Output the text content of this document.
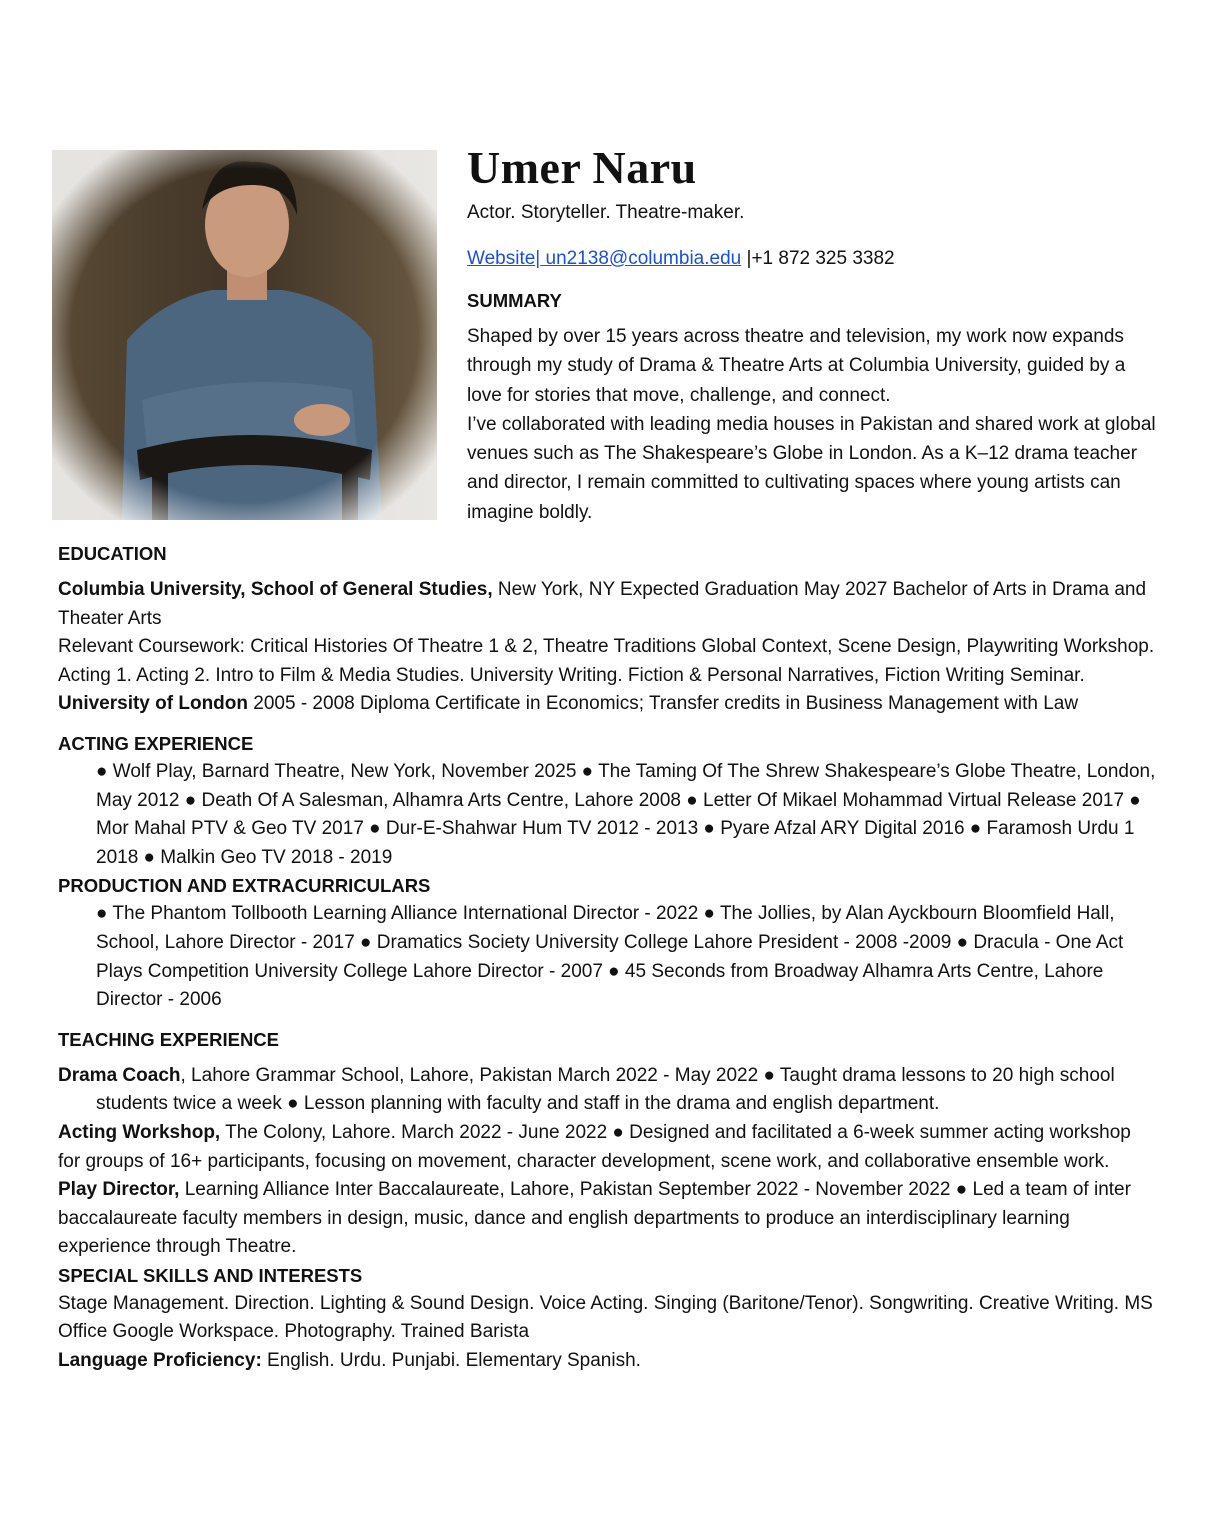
Umer Naru
Actor. Storyteller. Theatre-maker.
Website| un2138@columbia.edu |+1 872 325 3382
SUMMARY

Shaped by over 15 years across theatre and television, my work now expands through my study of Drama & Theatre Arts at Columbia University, guided by a love for stories that move, challenge, and connect.

I’ve collaborated with leading media houses in Pakistan and shared work at global venues such as The Shakespeare’s Globe in London. As a K–12 drama teacher and director, I remain committed to cultivating spaces where young artists can imagine boldly.

EDUCATION

Columbia University, School of General Studies, New York, NY Expected Graduation May 2027 Bachelor of Arts in Drama and Theater Arts

Relevant Coursework: Critical Histories Of Theatre 1 & 2, Theatre Traditions Global Context, Scene Design, Playwriting Workshop. Acting 1. Acting 2. Intro to Film & Media Studies. University Writing. Fiction & Personal Narratives, Fiction Writing Seminar.

University of London 2005 - 2008 Diploma Certificate in Economics; Transfer credits in Business Management with Law

ACTING EXPERIENCE

● Wolf Play, Barnard Theatre, New York, November 2025 ● The Taming Of The Shrew Shakespeare’s Globe Theatre, London, May 2012 ● Death Of A Salesman, Alhamra Arts Centre, Lahore 2008 ● Letter Of Mikael Mohammad Virtual Release 2017 ● Mor Mahal PTV & Geo TV 2017 ● Dur-E-Shahwar Hum TV 2012 - 2013 ● Pyare Afzal ARY Digital 2016 ● Faramosh Urdu 1 2018 ● Malkin Geo TV 2018 - 2019

PRODUCTION AND EXTRACURRICULARS

● The Phantom Tollbooth Learning Alliance International Director - 2022 ● The Jollies, by Alan Ayckbourn Bloomfield Hall, School, Lahore Director - 2017 ● Dramatics Society University College Lahore President - 2008 -2009 ● Dracula - One Act Plays Competition University College Lahore Director - 2007 ● 45 Seconds from Broadway Alhamra Arts Centre, Lahore Director - 2006

TEACHING EXPERIENCE

Drama Coach, Lahore Grammar School, Lahore, Pakistan March 2022 - May 2022 ● Taught drama lessons to 20 high school students twice a week ● Lesson planning with faculty and staff in the drama and english department.

Acting Workshop, The Colony, Lahore. March 2022 - June 2022 ● Designed and facilitated a 6-week summer acting workshop for groups of 16+ participants, focusing on movement, character development, scene work, and collaborative ensemble work.

Play Director, Learning Alliance Inter Baccalaureate, Lahore, Pakistan September 2022 - November 2022 ● Led a team of inter baccalaureate faculty members in design, music, dance and english departments to produce an interdisciplinary learning experience through Theatre.

SPECIAL SKILLS AND INTERESTS

Stage Management. Direction. Lighting & Sound Design. Voice Acting. Singing (Baritone/Tenor). Songwriting. Creative Writing. MS Office Google Workspace. Photography. Trained Barista

Language Proficiency: English. Urdu. Punjabi. Elementary Spanish.
